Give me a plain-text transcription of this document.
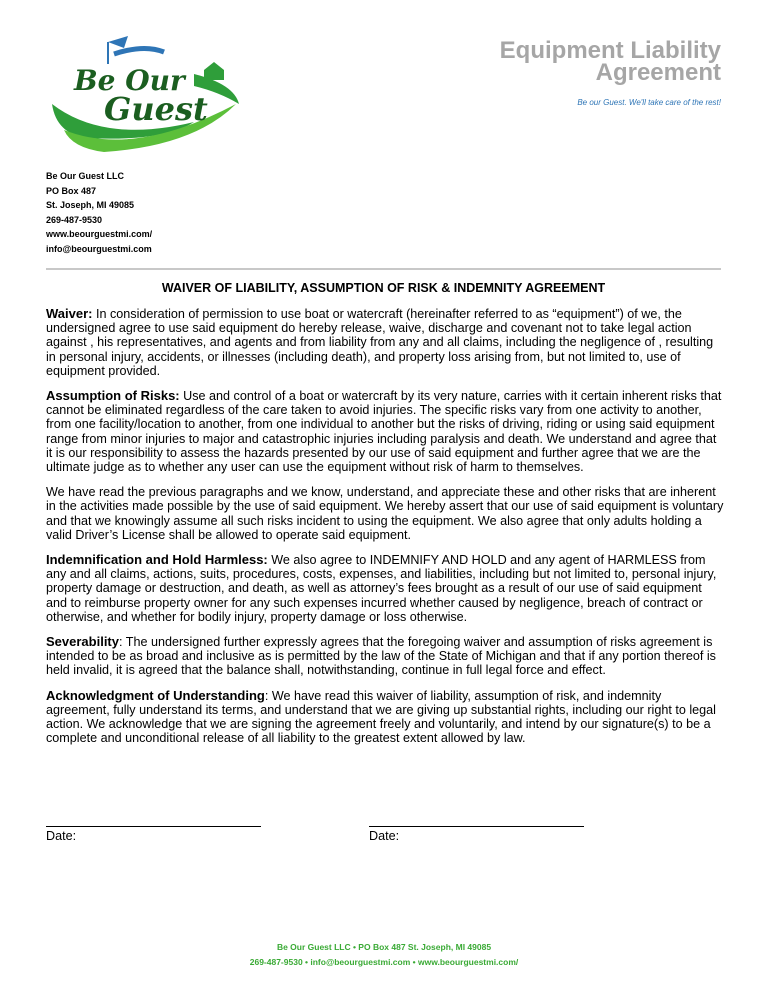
Be Our
Guest
Equipment Liability
Agreement
Be our Guest. We'll take care of the rest!
Be Our Guest LLC
PO Box 487
St. Joseph, MI 49085
269-487-9530
www.beourguestmi.com/
info@beourguestmi.com
WAIVER OF LIABILITY, ASSUMPTION OF RISK & INDEMNITY AGREEMENT

Waiver: In consideration of permission to use boat or watercraft (hereinafter referred to as “equipment”) of we, the undersigned agree to use said equipment do hereby release, waive, discharge and covenant not to take legal action against , his representatives, and agents and from liability from any and all claims, including the negligence of , resulting in personal injury, accidents, or illnesses (including death), and property loss arising from, but not limited to, use of equipment provided.

Assumption of Risks: Use and control of a boat or watercraft by its very nature, carries with it certain inherent risks that cannot be eliminated regardless of the care taken to avoid injuries. The specific risks vary from one activity to another, from one facility/location to another, from one individual to another but the risks of driving, riding or using said equipment range from minor injuries to major and catastrophic injuries including paralysis and death. We understand and agree that it is our responsibility to assess the hazards presented by our use of said equipment and further agree that we are the ultimate judge as to whether any user can use the equipment without risk of harm to themselves.

We have read the previous paragraphs and we know, understand, and appreciate these and other risks that are inherent in the activities made possible by the use of said equipment. We hereby assert that our use of said equipment is voluntary and that we knowingly assume all such risks incident to using the equipment. We also agree that only adults holding a valid Driver’s License shall be allowed to operate said equipment.

Indemnification and Hold Harmless: We also agree to INDEMNIFY AND HOLD and any agent of HARMLESS from any and all claims, actions, suits, procedures, costs, expenses, and liabilities, including but not limited to, personal injury, property damage or destruction, and death, as well as attorney’s fees brought as a result of our use of said equipment and to reimburse property owner for any such expenses incurred whether caused by negligence, breach of contract or otherwise, and whether for bodily injury, property damage or loss otherwise.

Severability: The undersigned further expressly agrees that the foregoing waiver and assumption of risks agreement is intended to be as broad and inclusive as is permitted by the law of the State of Michigan and that if any portion thereof is held invalid, it is agreed that the balance shall, notwithstanding, continue in full legal force and effect.

Acknowledgment of Understanding: We have read this waiver of liability, assumption of risk, and indemnity agreement, fully understand its terms, and understand that we are giving up substantial rights, including our right to legal action. We acknowledge that we are signing the agreement freely and voluntarily, and intend by our signature(s) to be a complete and unconditional release of all liability to the greatest extent allowed by law.

Date:	Date:
Be Our Guest LLC • PO Box 487 St. Joseph, MI 49085
269-487-9530 • info@beourguestmi.com • www.beourguestmi.com/
